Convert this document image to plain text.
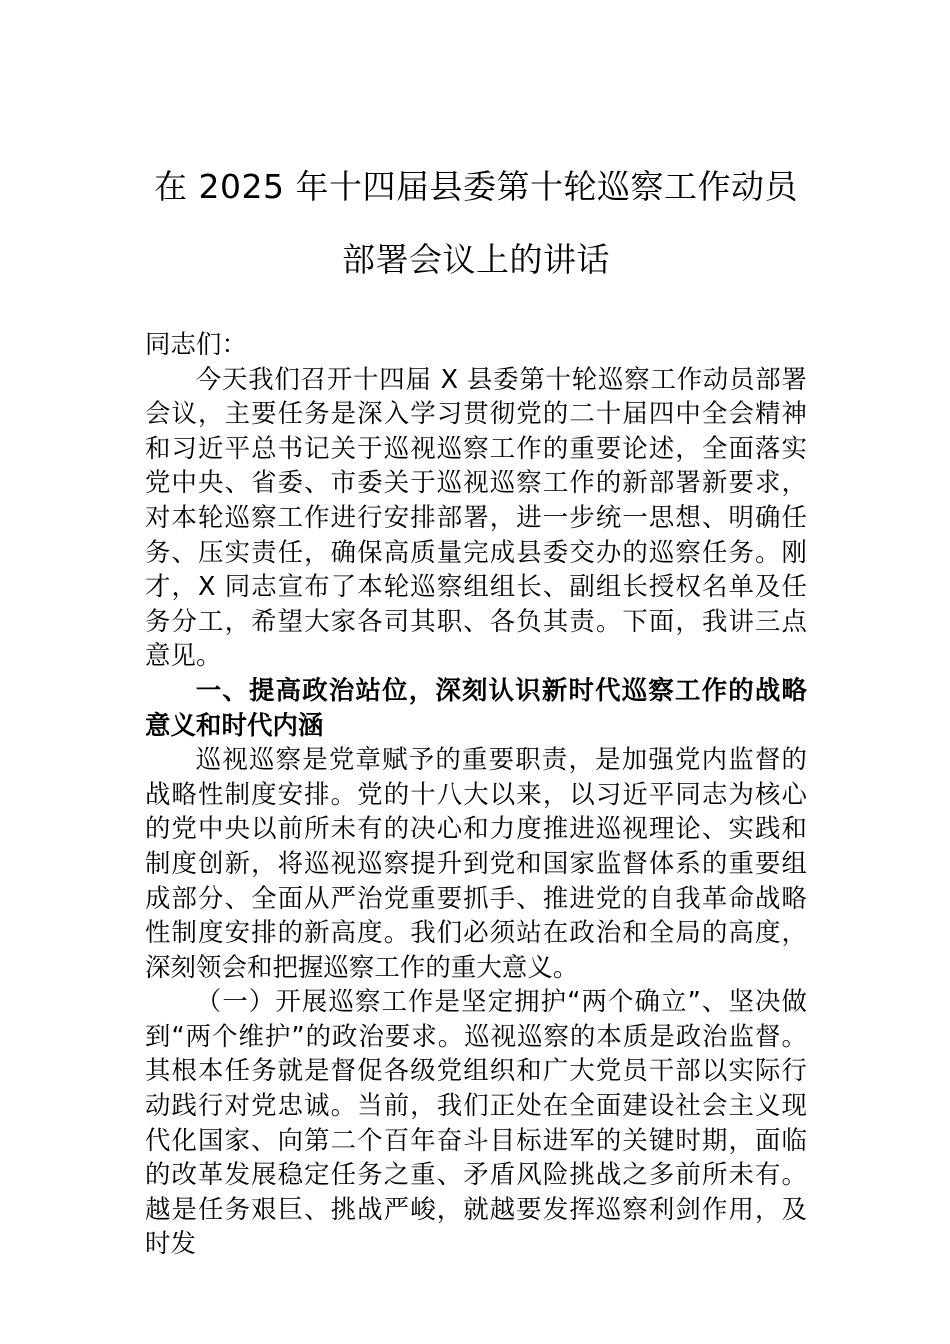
在 2025 年十四届县委第十轮巡察工作动员
部署会议上的讲话

同志们：

今天我们召开十四届 X 县委第十轮巡察工作动员部署会议，主要任务是深入学习贯彻党的二十届四中全会精神和习近平总书记关于巡视巡察工作的重要论述，全面落实党中央、省委、市委关于巡视巡察工作的新部署新要求，对本轮巡察工作进行安排部署，进一步统一思想、明确任务、压实责任，确保高质量完成县委交办的巡察任务。刚才，X 同志宣布了本轮巡察组组长、副组长授权名单及任务分工，希望大家各司其职、各负其责。下面，我讲三点意见。

一、提高政治站位，深刻认识新时代巡察工作的战略意义和时代内涵

巡视巡察是党章赋予的重要职责，是加强党内监督的战略性制度安排。党的十八大以来，以习近平同志为核心的党中央以前所未有的决心和力度推进巡视理论、实践和制度创新，将巡视巡察提升到党和国家监督体系的重要组成部分、全面从严治党重要抓手、推进党的自我革命战略性制度安排的新高度。我们必须站在政治和全局的高度，深刻领会和把握巡察工作的重大意义。

（一）开展巡察工作是坚定拥护“两个确立”、坚决做到“两个维护”的政治要求。巡视巡察的本质是政治监督。其根本任务就是督促各级党组织和广大党员干部以实际行动践行对党忠诚。当前，我们正处在全面建设社会主义现代化国家、向第二个百年奋斗目标进军的关键时期，面临的改革发展稳定任务之重、矛盾风险挑战之多前所未有。越是任务艰巨、挑战严峻，就越要发挥巡察利剑作用，及时发
